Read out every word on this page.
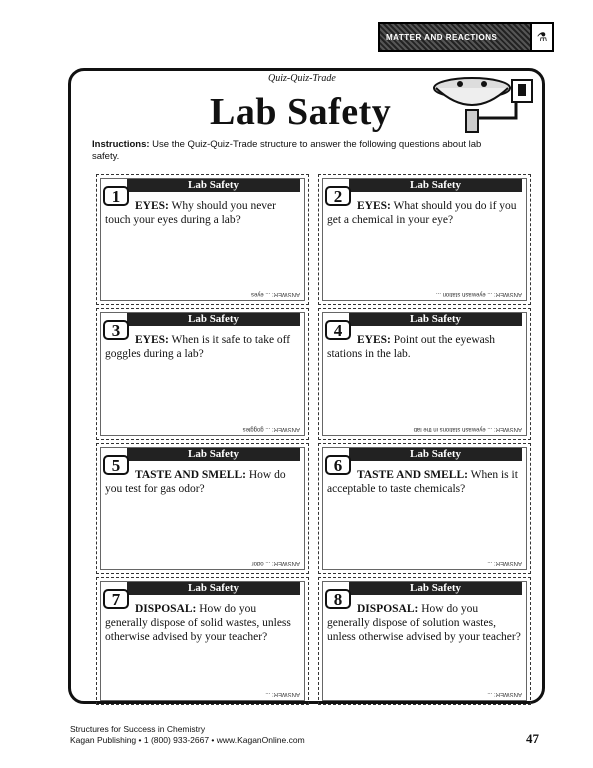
MATTER AND REACTIONS	⚗
Quiz-Quiz-Trade
Lab Safety
Instructions: Use the Quiz-Quiz-Trade structure to answer the following questions about lab safety.
Lab Safety
1	EYES: Why should you never touch your eyes during a lab?
ANSWER: ... eyes
Lab Safety
2	EYES: What should you do if you get a chemical in your eye?
ANSWER: ... eyewash station ...
Lab Safety
3	EYES: When is it safe to take off goggles during a lab?
ANSWER: ... goggles
Lab Safety
4	EYES: Point out the eyewash stations in the lab.
ANSWER: ... eyewash stations in the lab
Lab Safety
5	TASTE AND SMELL: How do you test for gas odor?
ANSWER: ... odor
Lab Safety
6	TASTE AND SMELL: When is it acceptable to taste chemicals?
ANSWER: ...
Lab Safety
7	DISPOSAL: How do you generally dispose of solid wastes, unless otherwise advised by your teacher?
ANSWER: ...
Lab Safety
8	DISPOSAL: How do you generally dispose of solution wastes, unless otherwise advised by your teacher?
ANSWER: ...
Structures for Success in Chemistry
Kagan Publishing • 1 (800) 933-2667 • www.KaganOnline.com	47
